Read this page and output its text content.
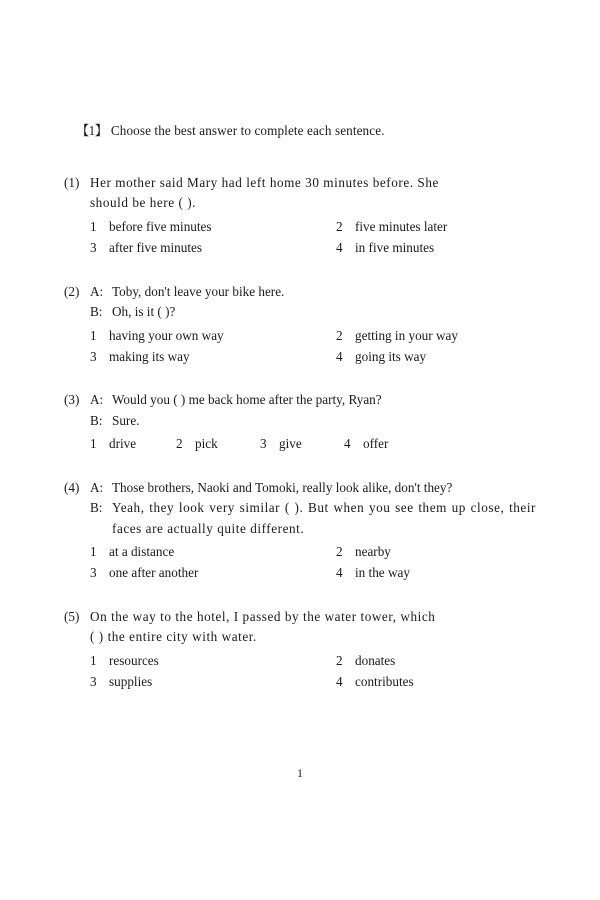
【1】 Choose the best answer to complete each sentence.

(1) Her mother said Mary had left home 30 minutes before. She
should be here ( ).
1 before five minutes	2 five minutes later
3 after five minutes	4 in five minutes
(2) A: Toby, don't leave your bike here.
B: Oh, is it ( )?
1 having your own way	2 getting in your way
3 making its way	4 going its way
(3) A: Would you ( ) me back home after the party, Ryan?
B: Sure.
1 drive	2 pick	3 give	4 offer
(4) A: Those brothers, Naoki and Tomoki, really look alike, don't they?
B: Yeah, they look very similar ( ). But when you see them up close, their faces are actually quite different.
1 at a distance	2 nearby
3 one after another	4 in the way
(5) On the way to the hotel, I passed by the water tower, which
( ) the entire city with water.
1 resources	2 donates
3 supplies	4 contributes
1
